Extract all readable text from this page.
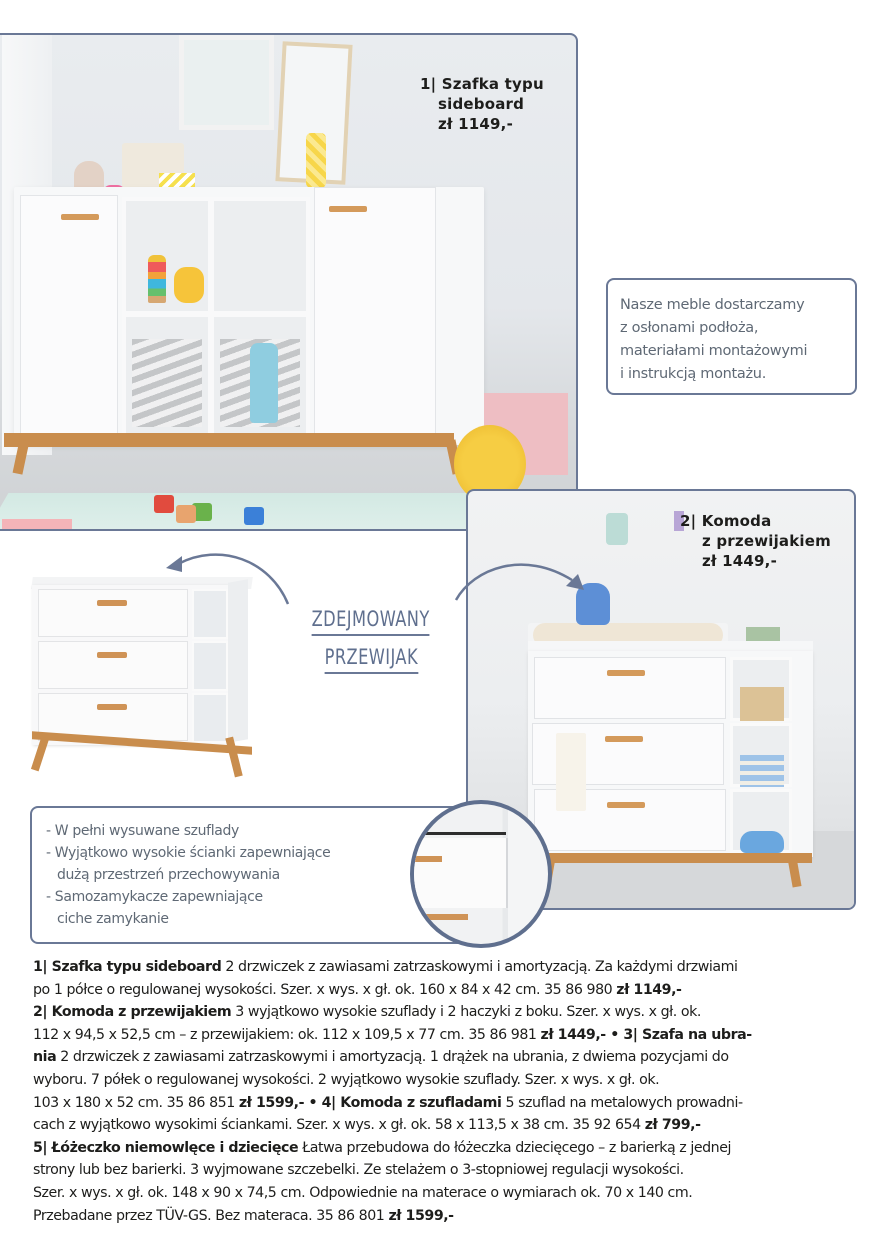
1| Szafka typu
sideboard
zł 1149,-

Nasze meble dostarczamy

z osłonami podłoża,

materiałami montażowymi

i instrukcją montażu.

2| Komoda
z przewijakiem
zł 1449,-
ZDEJMOWANY
PRZEWIJAK
- W pełni wysuwane szuflady
- Wyjątkowo wysokie ścianki zapewniające
dużą przestrzeń przechowywania
- Samozamykacze zapewniające
ciche zamykanie
1| Szafka typu sideboard 2 drzwiczek z zawiasami zatrzaskowymi i amortyzacją. Za każdymi drzwiami
po 1 półce o regulowanej wysokości. Szer. x wys. x gł. ok. 160 x 84 x 42 cm. 35 86 980 zł 1149,-
2| Komoda z przewijakiem 3 wyjątkowo wysokie szuflady i 2 haczyki z boku. Szer. x wys. x gł. ok.
112 x 94,5 x 52,5 cm – z przewijakiem: ok. 112 x 109,5 x 77 cm. 35 86 981 zł 1449,- • 3| Szafa na ubra-
nia 2 drzwiczek z zawiasami zatrzaskowymi i amortyzacją. 1 drążek na ubrania, z dwiema pozycjami do
wyboru. 7 półek o regulowanej wysokości. 2 wyjątkowo wysokie szuflady. Szer. x wys. x gł. ok.
103 x 180 x 52 cm. 35 86 851 zł 1599,- • 4| Komoda z szufladami 5 szuflad na metalowych prowadni-
cach z wyjątkowo wysokimi ściankami. Szer. x wys. x gł. ok. 58 x 113,5 x 38 cm. 35 92 654 zł 799,-
5| Łóżeczko niemowlęce i dziecięce Łatwa przebudowa do łóżeczka dziecięcego – z barierką z jednej
strony lub bez barierki. 3 wyjmowane szczebelki. Ze stelażem o 3-stopniowej regulacji wysokości.
Szer. x wys. x gł. ok. 148 x 90 x 74,5 cm. Odpowiednie na materace o wymiarach ok. 70 x 140 cm.
Przebadane przez TÜV-GS. Bez materaca. 35 86 801 zł 1599,-
